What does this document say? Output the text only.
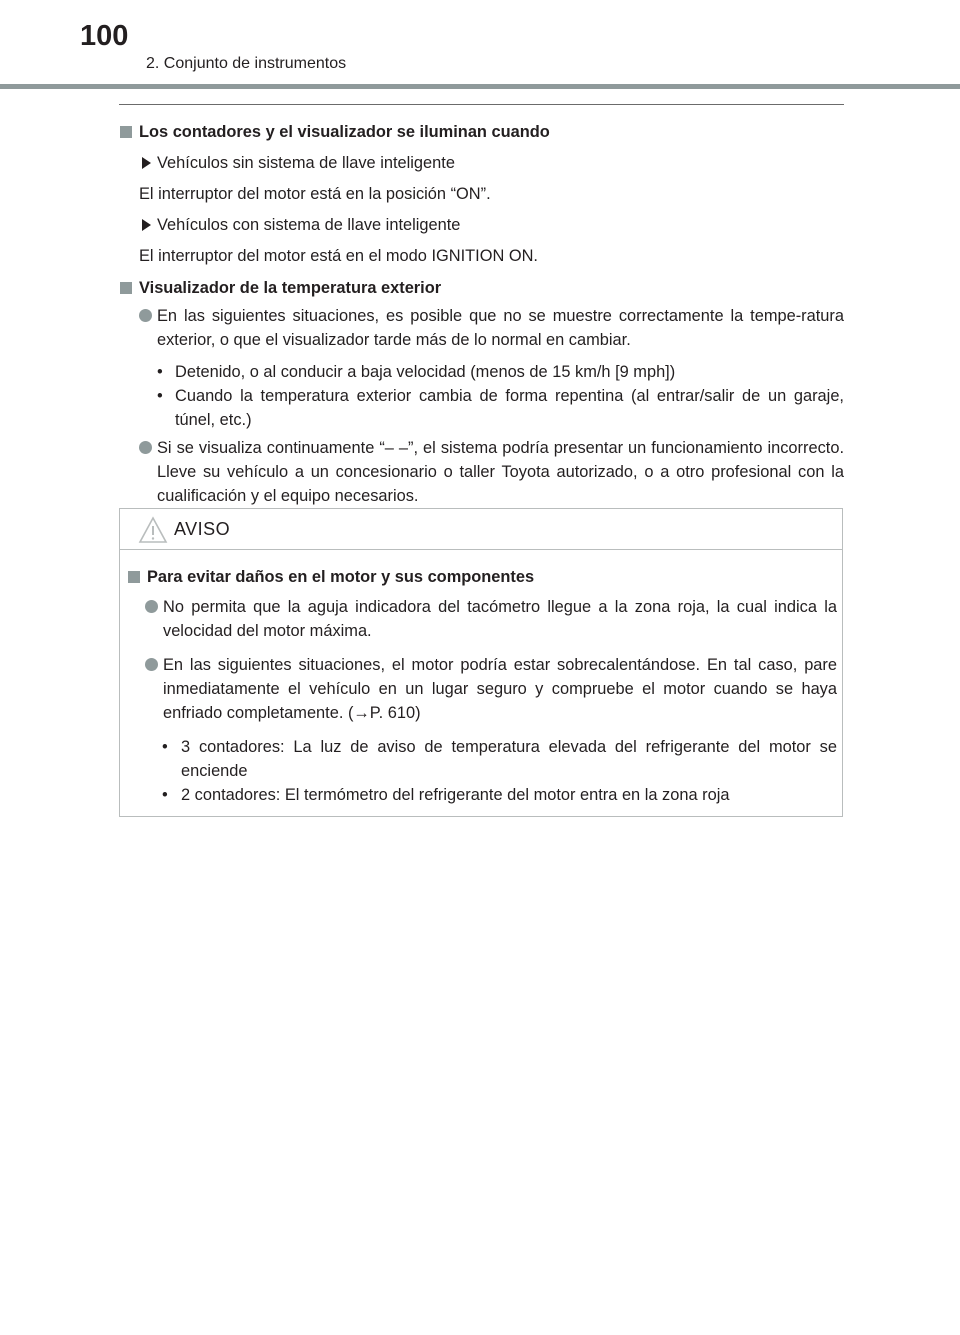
100
2. Conjunto de instrumentos
Los contadores y el visualizador se iluminan cuando
Vehículos sin sistema de llave inteligente
El interruptor del motor está en la posición “ON”.
Vehículos con sistema de llave inteligente
El interruptor del motor está en el modo IGNITION ON.
Visualizador de la temperatura exterior
En las siguientes situaciones, es posible que no se muestre correctamente la tempe-ratura exterior, o que el visualizador tarde más de lo normal en cambiar.
• Detenido, o al conducir a baja velocidad (menos de 15 km/h [9 mph])
• Cuando la temperatura exterior cambia de forma repentina (al entrar/salir de un garaje, túnel, etc.)
Si se visualiza continuamente “– –”, el sistema podría presentar un funcionamiento incorrecto. Lleve su vehículo a un concesionario o taller Toyota autorizado, o a otro profesional con la cualificación y el equipo necesarios.
AVISO
Para evitar daños en el motor y sus componentes
No permita que la aguja indicadora del tacómetro llegue a la zona roja, la cual indica la velocidad del motor máxima.
En las siguientes situaciones, el motor podría estar sobrecalentándose. En tal caso, pare inmediatamente el vehículo en un lugar seguro y compruebe el motor cuando se haya enfriado completamente. (→P. 610)
• 3 contadores: La luz de aviso de temperatura elevada del refrigerante del motor se enciende
• 2 contadores: El termómetro del refrigerante del motor entra en la zona roja
